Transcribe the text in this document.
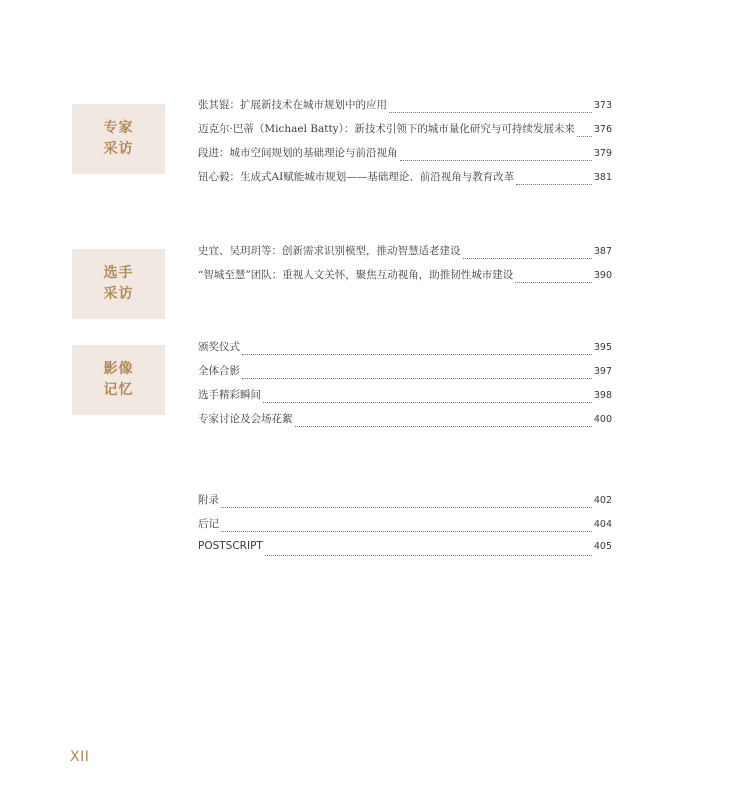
专家
采访
张其锟：扩展新技术在城市规划中的应用	373
迈克尔·巴蒂（Michael Batty）：新技术引领下的城市量化研究与可持续发展未来 376
段进：城市空间规划的基础理论与前沿视角	379
钮心毅：生成式AI赋能城市规划——基础理论、前沿视角与教育改革	381
选手
采访
史宜、吴玥玥等：创新需求识别模型，推动智慧适老建设	387
“智城至慧”团队：重视人文关怀，聚焦互动视角，助推韧性城市建设	390
影像
记忆
颁奖仪式	395
全体合影	397
选手精彩瞬间	398
专家讨论及会场花絮	400
附录	402
后记	404
POSTSCRIPT	405
XII
